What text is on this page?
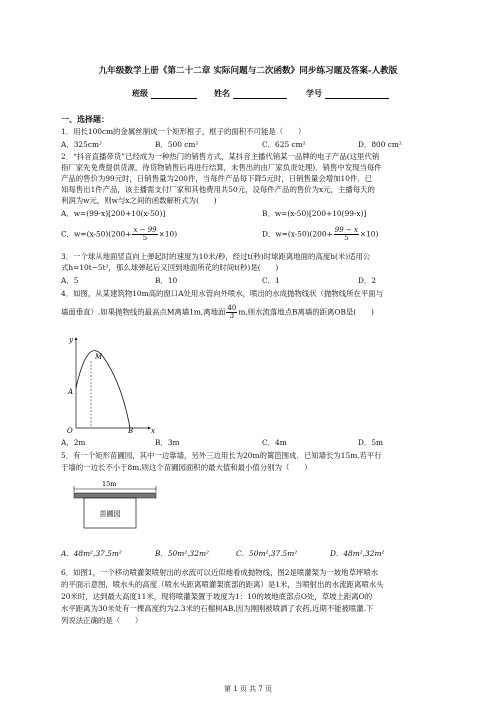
九年级数学上册《第二十二章 实际问题与二次函数》同步练习题及答案-人教版
班级	姓名	学号
一、选择题：
1．用长100cm的金属丝制成一个矩形框子，框子的面积不可能是（　　）
A．325cm²	B．500 cm²	C．625 cm²	D．800 cm²
2．“抖音直播带货”已经成为一种热门的销售方式，某抖音主播代销某一品牌的电子产品(这里代销
指厂家先免费提供货源，待货物销售后再进行结算，未售出的由厂家负责处理)．销售中发现当每件
产品的售价为99元时，日销售量为200件，当每件产品每下降5元时，日销售量会增加10件．已
知每售出1件产品，该主播需支付厂家和其他费用共50元，设每件产品的售价为x元，主播每天的
利润为w元，则w与x之间的函数解析式为(　　)
A．w=(99-x)[200+10(x-50)]	B．w=(x-50)[200+10(99-x)]
C．$w=(x-50)(200+ \frac{x - 99}{5} \times 10)$	D．$w=(x-50)(200+ \frac{99 - x}{5} \times 10)$
3．一个球从地面竖直向上弹起时的速度为10米/秒，经过t(秒)时球距离地面的高度h(米)适用公
式h=10t−5t²，那么球弹起后又回到地面所花的时间t(秒)是(　　)
A．5	B．10	C．1	D．2
4．如图，从某建筑物10m高的窗口A处用水管向外喷水，喷出的水成抛物线状（抛物线所在平面与
墙面垂直）.如果抛物线的最高点M离墙1m,离地面 $\frac{40}{3} m$,则水流落地点B离墙的距离OB是(　　)
y
M
A
O	B	x
A．2m	B．3m	C．4m	D．5m
5．有一个矩形苗圃园，其中一边靠墙，另外三边用长为20m的篱笆围成．已知墙长为15m,若平行
于墙的一边长不小于8m,则这个苗圃园面积的最大值和最小值分别为（　　）
15m
苗圃园
A．48m²,37.5m²	B．50m²,32m²	C．50m²,37.5m²	D．48m²,32m²
6．如图1，一个移动喷灌架喷射出的水流可以近似地看成抛物线，图2是喷灌架为一坡地草坪喷水
的平面示意图，喷水头的高度（喷水头距离喷灌架底部的距离）是1米，当喷射出的水流距离喷水头
20米时，达到最大高度11米，现将喷灌架置于坡度为1：10的坡地底部点O处，草坡上距离O的
水平距离为30米处有一棵高度约为2.3米的石榴树AB,因为刚刚被喷洒了农药,近期不能被喷灌.下
列说法正确的是（　　）
第 1 页 共 7 页
